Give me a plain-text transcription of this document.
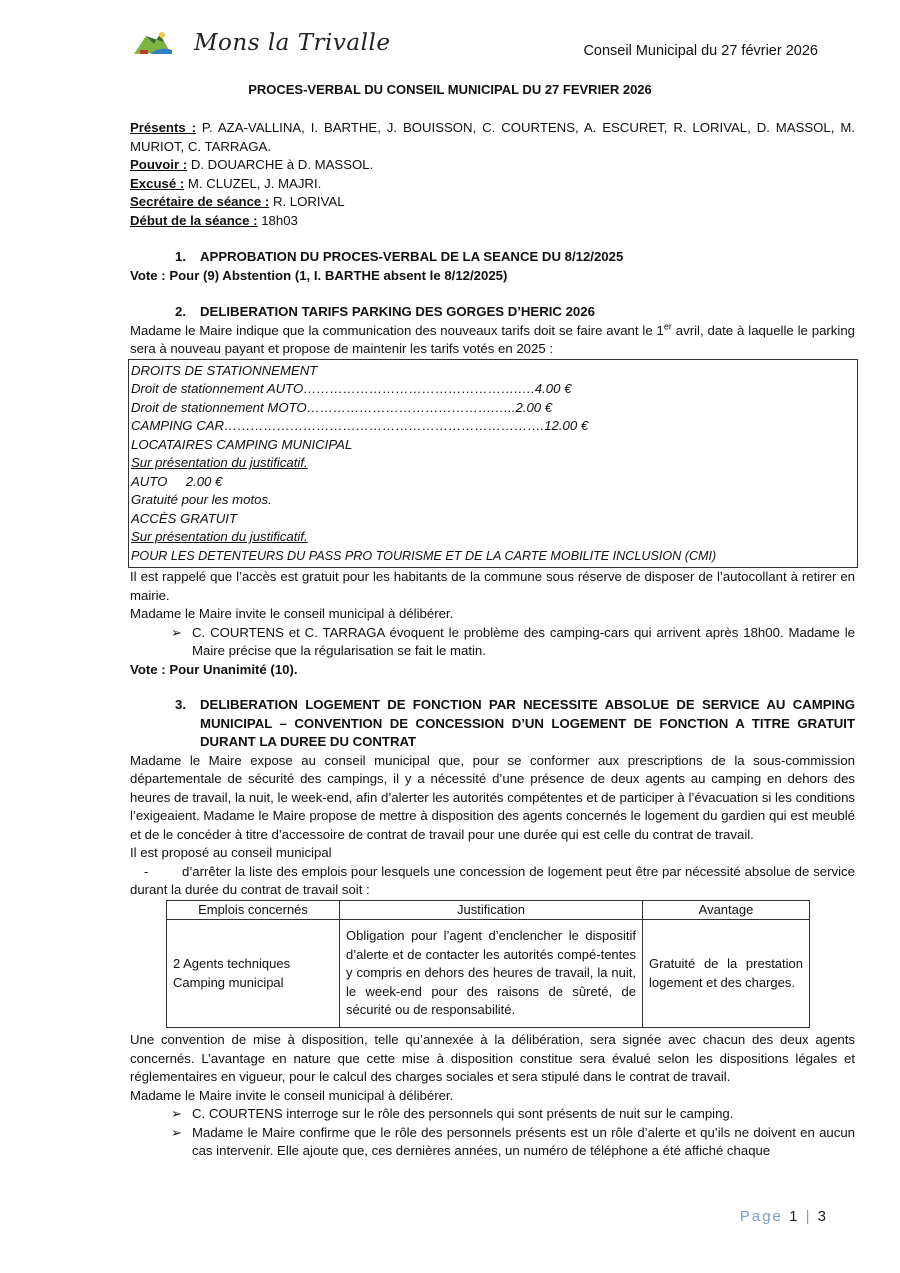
Mons la Trivalle	Conseil Municipal du 27 février 2026
PROCES-VERBAL DU CONSEIL MUNICIPAL DU 27 FEVRIER 2026

Présents : P. AZA-VALLINA, I. BARTHE, J. BOUISSON, C. COURTENS, A. ESCURET, R. LORIVAL, D. MASSOL, M. MURIOT, C. TARRAGA.

Pouvoir : D. DOUARCHE à D. MASSOL.

Excusé : M. CLUZEL, J. MAJRI.

Secrétaire de séance : R. LORIVAL

Début de la séance : 18h03

1.	APPROBATION DU PROCES-VERBAL DE LA SEANCE DU 8/12/2025

Vote : Pour (9) Abstention (1, I. BARTHE absent le 8/12/2025)

2.	DELIBERATION TARIFS PARKING DES GORGES D’HERIC 2026

Madame le Maire indique que la communication des nouveaux tarifs doit se faire avant le 1er avril, date à laquelle le parking sera à nouveau payant et propose de maintenir les tarifs votés en 2025 :

DROITS DE STATIONNEMENT
Droit de stationnement AUTO………………………………………….….4.00 €
Droit de stationnement MOTO…………………………………….…..2.00 €
CAMPING CAR……………………………………………………………….12.00 €
LOCATAIRES CAMPING MUNICIPAL
Sur présentation du justificatif.
AUTO     2.00 €
Gratuité pour les motos.
ACCÈS GRATUIT
Sur présentation du justificatif.
POUR LES DETENTEURS DU PASS PRO TOURISME ET DE LA CARTE MOBILITE INCLUSION (CMI)

Il est rappelé que l’accès est gratuit pour les habitants de la commune sous réserve de disposer de l’autocollant à retirer en mairie.

Madame le Maire invite le conseil municipal à délibérer.

➢ C. COURTENS et C. TARRAGA évoquent le problème des camping-cars qui arrivent après 18h00. Madame le Maire précise que la régularisation se fait le matin.

Vote : Pour Unanimité (10).

3.	DELIBERATION LOGEMENT DE FONCTION PAR NECESSITE ABSOLUE DE SERVICE AU CAMPING MUNICIPAL – CONVENTION DE CONCESSION D’UN LOGEMENT DE FONCTION A TITRE GRATUIT DURANT LA DUREE DU CONTRAT

Madame le Maire expose au conseil municipal que, pour se conformer aux prescriptions de la sous-commission départementale de sécurité des campings, il y a nécessité d’une présence de deux agents au camping en dehors des heures de travail, la nuit, le week-end, afin d’alerter les autorités compétentes et de participer à l’évacuation si les conditions l’exigeaient. Madame le Maire propose de mettre à disposition des agents concernés le logement du gardien qui est meublé et de le concéder à titre d’accessoire de contrat de travail pour une durée qui est celle du contrat de travail.

Il est proposé au conseil municipal

-	d’arrêter la liste des emplois pour lesquels une concession de logement peut être par nécessité absolue de service durant la durée du contrat de travail soit :

Emplois concernés	Justification	Avantage
2 Agents techniques Camping municipal	Obligation pour l’agent d’enclencher le dispositif d’alerte et de contacter les autorités compé-tentes y compris en dehors des heures de travail, la nuit, le week-end pour des raisons de sûreté, de sécurité ou de responsabilité.	Gratuité de la prestation logement et des charges.

Une convention de mise à disposition, telle qu’annexée à la délibération, sera signée avec chacun des deux agents concernés. L’avantage en nature que cette mise à disposition constitue sera évalué selon les dispositions légales et réglementaires en vigueur, pour le calcul des charges sociales et sera stipulé dans le contrat de travail.

Madame le Maire invite le conseil municipal à délibérer.

➢ C. COURTENS interroge sur le rôle des personnels qui sont présents de nuit sur le camping.

➢ Madame le Maire confirme que le rôle des personnels présents est un rôle d’alerte et qu’ils ne doivent en aucun cas intervenir. Elle ajoute que, ces dernières années, un numéro de téléphone a été affiché chaque

Page 1 | 3
